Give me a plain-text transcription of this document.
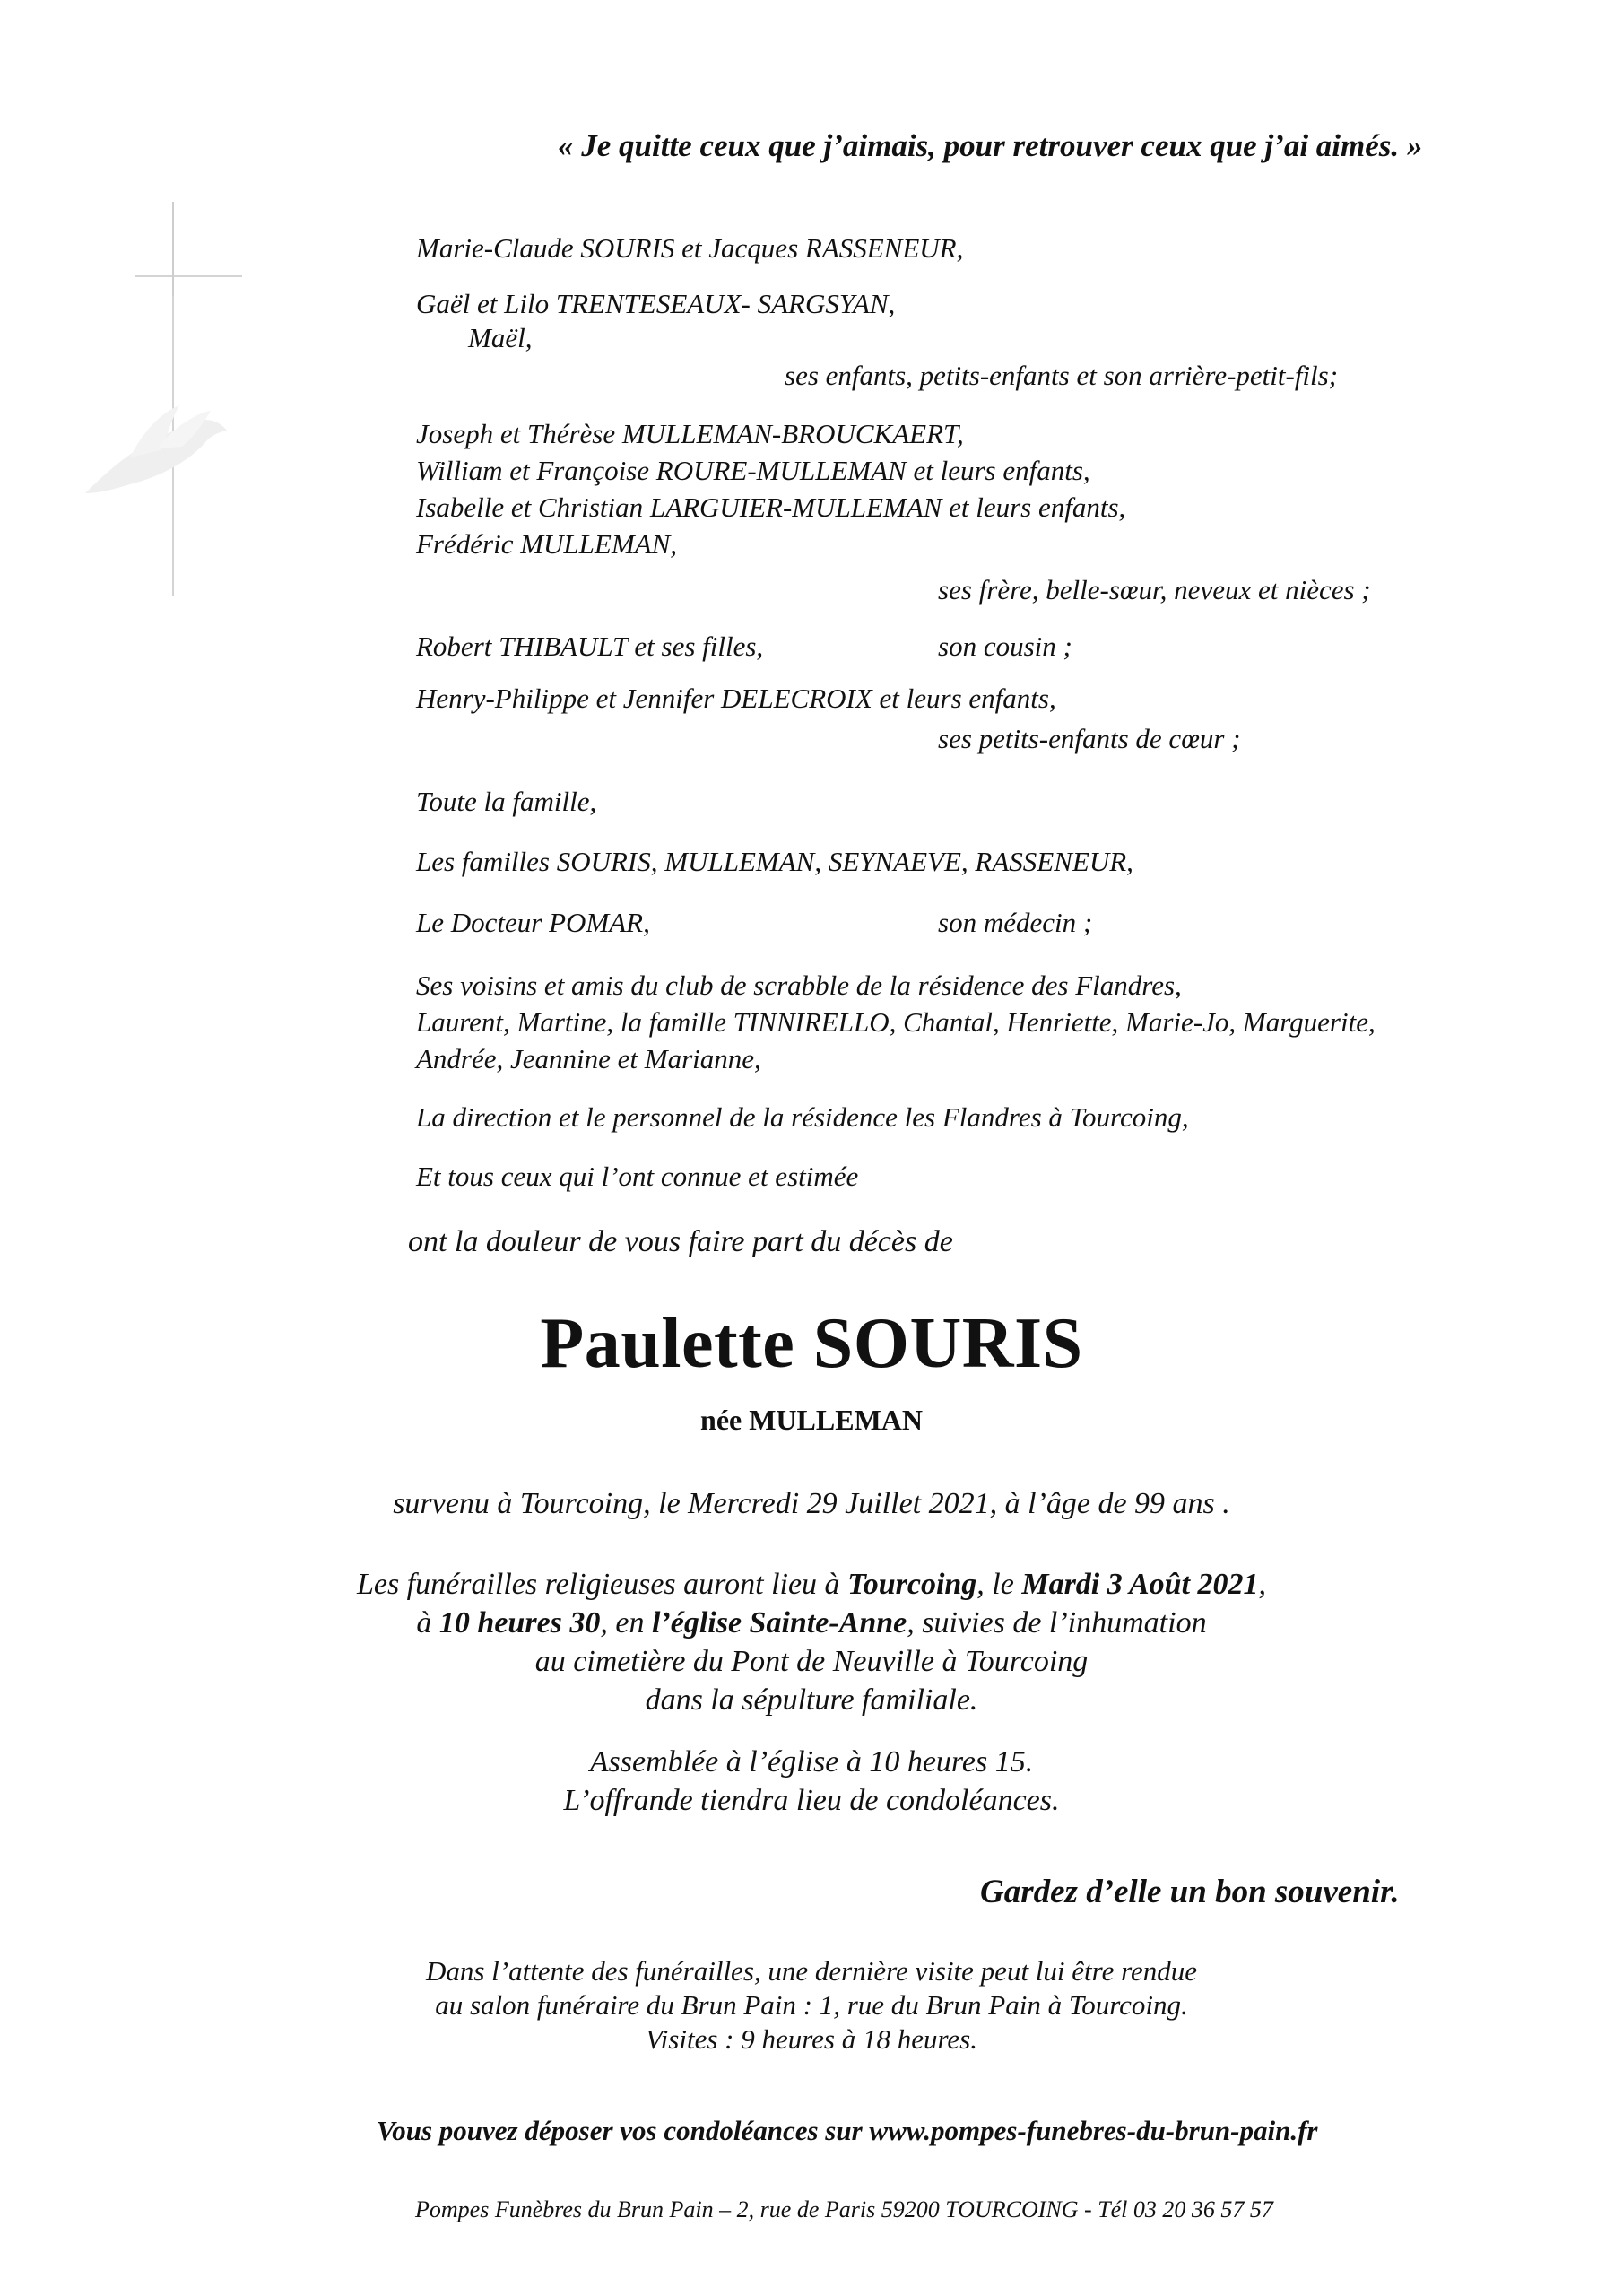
« Je quitte ceux que j’aimais, pour retrouver ceux que j’ai aimés. »
Marie-Claude SOURIS et Jacques RASSENEUR,
Gaël et Lilo TRENTESEAUX- SARGSYAN,
Maël,
ses enfants, petits-enfants et son arrière-petit-fils;
Joseph et Thérèse MULLEMAN-BROUCKAERT,
William et Françoise ROURE-MULLEMAN et leurs enfants,
Isabelle et Christian LARGUIER-MULLEMAN et leurs enfants,
Frédéric MULLEMAN,
ses frère, belle-sœur, neveux et nièces ;
Robert THIBAULT et ses filles,	son cousin ;
Henry-Philippe et Jennifer DELECROIX et leurs enfants,
ses petits-enfants de cœur ;
Toute la famille,
Les familles SOURIS, MULLEMAN, SEYNAEVE, RASSENEUR,
Le Docteur POMAR,	son médecin ;
Ses voisins et amis du club de scrabble de la résidence des Flandres,
Laurent, Martine, la famille TINNIRELLO, Chantal, Henriette, Marie-Jo, Marguerite,
Andrée, Jeannine et Marianne,
La direction et le personnel de la résidence les Flandres à Tourcoing,
Et tous ceux qui l’ont connue et estimée
ont la douleur de vous faire part du décès de
Paulette SOURIS
née MULLEMAN
survenu à Tourcoing, le Mercredi 29 Juillet 2021, à l’âge de 99 ans .
Les funérailles religieuses auront lieu à Tourcoing, le Mardi 3 Août 2021,
à 10 heures 30, en l’église Sainte-Anne, suivies de l’inhumation
au cimetière du Pont de Neuville à Tourcoing
dans la sépulture familiale.
Assemblée à l’église à 10 heures 15.
L’offrande tiendra lieu de condoléances.
Gardez d’elle un bon souvenir.
Dans l’attente des funérailles, une dernière visite peut lui être rendue
au salon funéraire du Brun Pain : 1, rue du Brun Pain à Tourcoing.
Visites : 9 heures à 18 heures.
Vous pouvez déposer vos condoléances sur www.pompes-funebres-du-brun-pain.fr
Pompes Funèbres du Brun Pain – 2, rue de Paris 59200 TOURCOING - Tél 03 20 36 57 57
